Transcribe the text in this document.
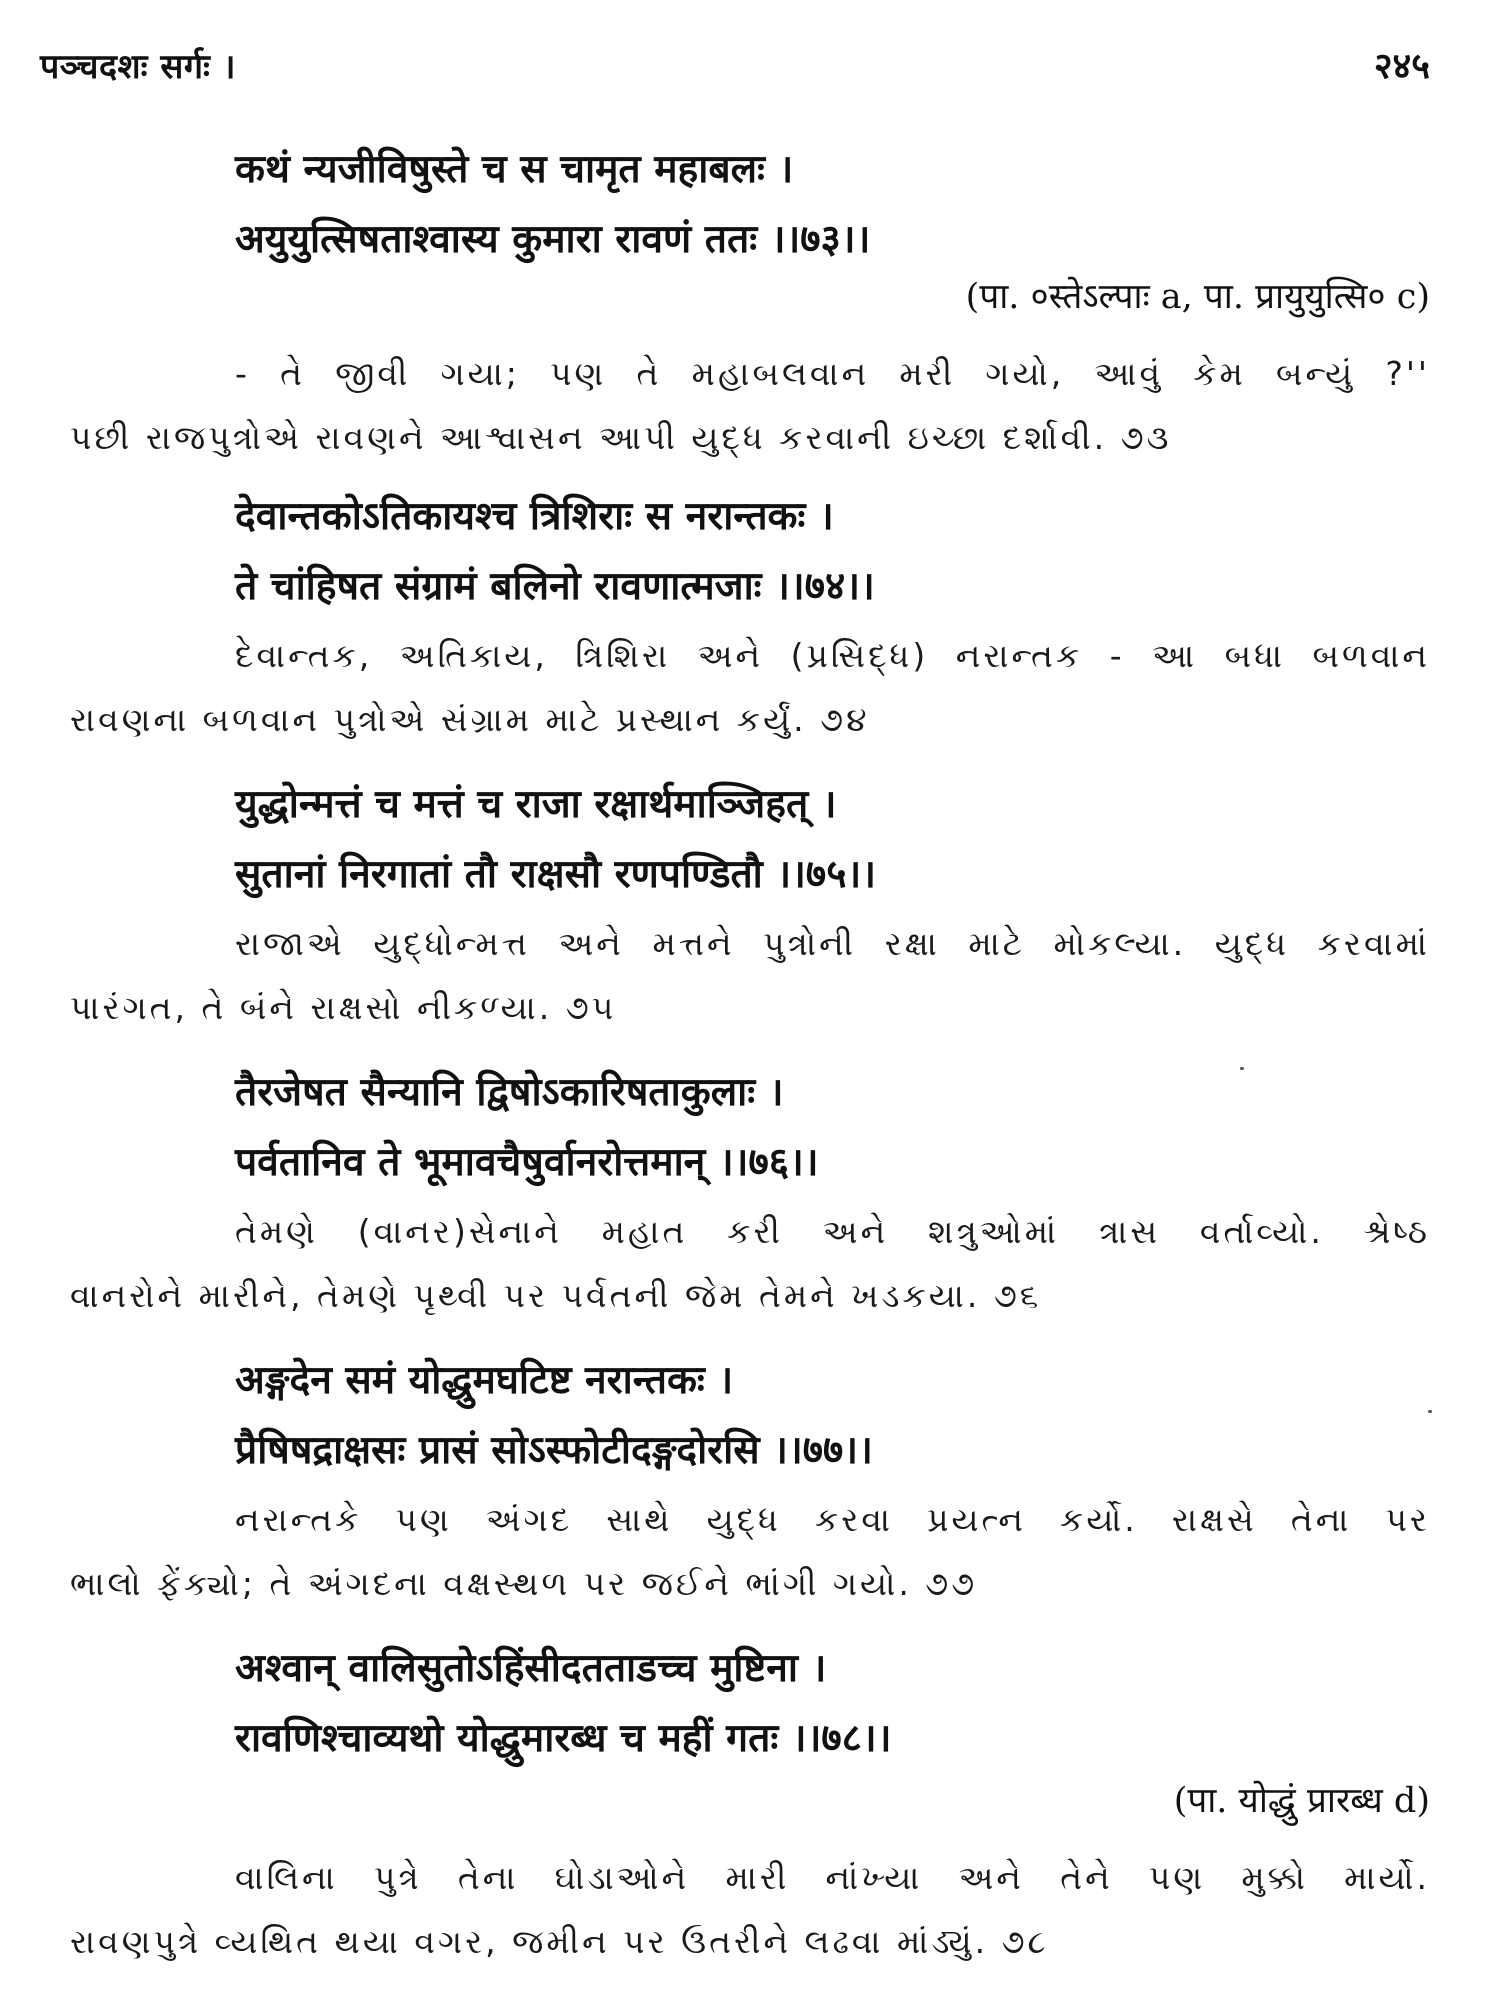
पञ्चदशः सर्गः ।	२४५
कथं न्यजीविषुस्ते च स चामृत महाबलः ।
अयुयुत्सिषताश्वास्य कुमारा रावणं ततः ।।७३।।
(पा. ०स्तेऽल्पाः a, पा. प्रायुयुत्सि० c)
- તે જીવી ગયા; પણ તે મહાબલવાન મરી ગયો, આવું કેમ બન્યું ?''
પછી રાજપુત્રોએ રાવણને આશ્વાસન આપી યુદ્ધ કરવાની ઇચ્છા દર્શાવી. ૭૩
देवान्तकोऽतिकायश्च त्रिशिराः स नरान्तकः ।
ते चांहिषत संग्रामं बलिनो रावणात्मजाः ।।७४।।
દેવાન્તક, અતિકાય, ત્રિશિરા અને (પ્રસિદ્ધ) નરાન્તક - આ બધા બળવાન
રાવણના બળવાન પુત્રોએ સંગ્રામ માટે પ્રસ્થાન કર્યું. ૭૪
युद्धोन्मत्तं च मत्तं च राजा रक्षार्थमाञ्जिहत् ।
सुतानां निरगातां तौ राक्षसौ रणपण्डितौ ।।७५।।
રાજાએ યુદ્ધોન્મત્ત અને મત્તને પુત્રોની રક્ષા માટે મોકલ્યા. યુદ્ધ કરવામાં
પારંગત, તે બંને રાક્ષસો નીકળ્યા. ૭૫
तैरजेषत सैन्यानि द्विषोऽकारिषताकुलाः ।
पर्वतानिव ते भूमावचैषुर्वानरोत्तमान् ।।७६।।
તેમણે (વાનર)સેનાને મહાત કરી અને શત્રુઓમાં ત્રાસ વર્તાવ્યો. શ્રેષ્ઠ
વાનરોને મારીને, તેમણે પૃથ્વી પર પર્વતની જેમ તેમને ખડકયા. ૭૬
अङ्गदेन समं योद्धुमघटिष्ट नरान्तकः ।
प्रैषिषद्राक्षसः प्रासं सोऽस्फोटीदङ्गदोरसि ।।७७।।
નરાન્તકે પણ અંગદ સાથે યુદ્ધ કરવા પ્રયત્ન કર્યો. રાક્ષસે તેના પર
ભાલો ફેંક્યો; તે અંગદના વક્ષસ્થળ પર જઈને ભાંગી ગયો. ૭૭
अश्वान् वालिसुतोऽहिंसीदतताडच्च मुष्टिना ।
रावणिश्चाव्यथो योद्धुमारब्ध च महीं गतः ।।७८।।
(पा. योद्धुं प्रारब्ध d)
વાલિના પુત્રે તેના ઘોડાઓને મારી નાંખ્યા અને તેને પણ મુક્કો માર્યો.
રાવણપુત્રે વ્યથિત થયા વગર, જમીન પર ઉતરીને લઢવા માંડ્યું. ૭૮
